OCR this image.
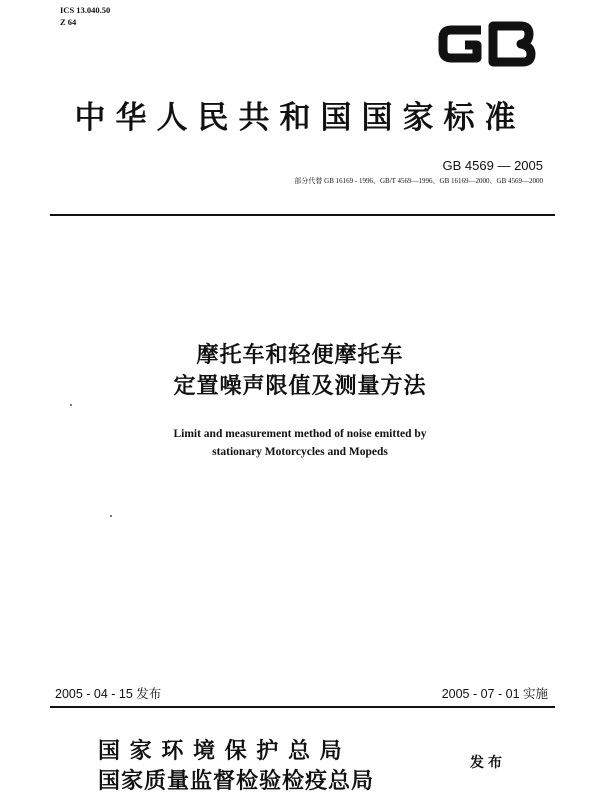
ICS 13.040.50
Z 64
中华人民共和国国家标准
GB 4569 — 2005
部分代替 GB 16169 - 1996、GB/T 4569—1996、GB 16169—2000、GB 4569—2000
摩托车和轻便摩托车
定置噪声限值及测量方法
Limit and measurement method of noise emitted by
stationary Motorcycles and Mopeds
2005 - 04 - 15 发布	2005 - 07 - 01 实施
国 家 环 境 保 护 总 局
国家质量监督检验检疫总局
发布
